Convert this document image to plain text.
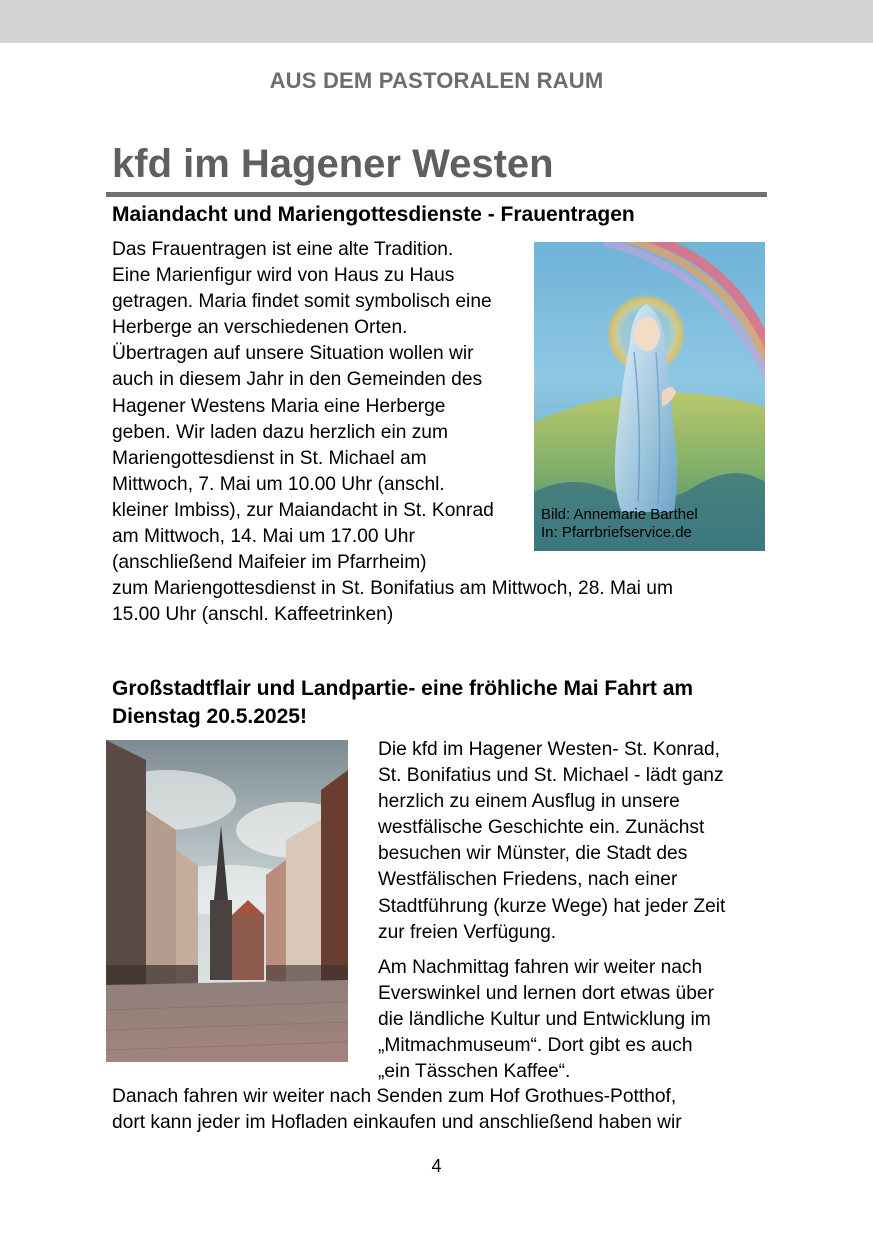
AUS DEM PASTORALEN RAUM
kfd im Hagener Westen
Maiandacht und Mariengottesdienste - Frauentragen

Das Frauentragen ist eine alte Tradition.

Eine Marienfigur wird von Haus zu Haus

getragen. Maria findet somit symbolisch eine

Herberge an verschiedenen Orten.

Übertragen auf unsere Situation wollen wir

auch in diesem Jahr in den Gemeinden des

Hagener Westens Maria eine Herberge

geben. Wir laden dazu herzlich ein zum

Mariengottesdienst in St. Michael am

Mittwoch, 7. Mai um 10.00 Uhr (anschl.

kleiner Imbiss), zur Maiandacht in St. Konrad

am Mittwoch, 14. Mai um 17.00 Uhr

(anschließend Maifeier im Pfarrheim)

zum Mariengottesdienst in St. Bonifatius am Mittwoch, 28. Mai um

15.00 Uhr (anschl. Kaffeetrinken)

Bild: Annemarie Barthel
In: Pfarrbriefservice.de
Großstadtflair und Landpartie- eine fröhliche Mai Fahrt am
Dienstag 20.5.2025!

Die kfd im Hagener Westen- St. Konrad,

St. Bonifatius und St. Michael - lädt ganz

herzlich zu einem Ausflug in unsere

westfälische Geschichte ein. Zunächst

besuchen wir Münster, die Stadt des

Westfälischen Friedens, nach einer

Stadtführung (kurze Wege) hat jeder Zeit

zur freien Verfügung.

Am Nachmittag fahren wir weiter nach

Everswinkel und lernen dort etwas über

die ländliche Kultur und Entwicklung im

„Mitmachmuseum“. Dort gibt es auch

„ein Tässchen Kaffee“.

Danach fahren wir weiter nach Senden zum Hof Grothues-Potthof,

dort kann jeder im Hofladen einkaufen und anschließend haben wir

4
